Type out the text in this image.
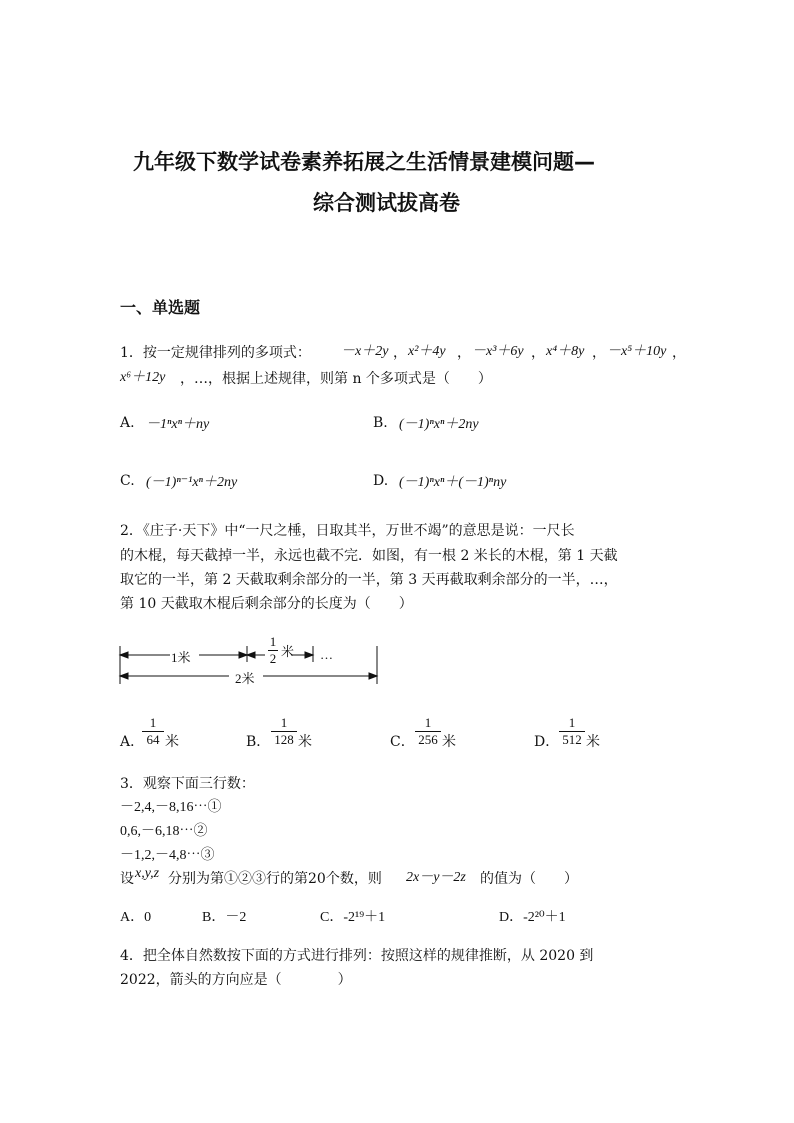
九年级下数学试卷素养拓展之生活情景建模问题—
综合测试拔高卷
一、单选题
1．按一定规律排列的多项式： －x＋2y ， x²＋4y ， －x³＋6y ， x⁴＋8y ， －x⁵＋10y ，
x⁶＋12y ，…，根据上述规律，则第 n 个多项式是（　　）
A. －1ⁿxⁿ＋ny	B. (－1)ⁿxⁿ＋2ny
C. (－1)ⁿ⁻¹xⁿ＋2ny	D. (－1)ⁿxⁿ＋(－1)ⁿny
2．《庄子·天下》中“一尺之棰，日取其半，万世不竭”的意思是说：一尺长
的木棍，每天截掉一半，永远也截不完．如图，有一根 2 米长的木棍，第 1 天截
取它的一半，第 2 天截取剩余部分的一半，第 3 天再截取剩余部分的一半，…，
第 10 天截取木棍后剩余部分的长度为（　　）
1米
1
2 米 …
2米
A．
1
64 米	B．
1
128 米	C．
1
256 米	D．
1
512 米
3．观察下面三行数：
－2,4,－8,16⋯①
0,6,－6,18⋯②
－1,2,－4,8⋯③
设 x,y,z 分别为第①②③行的第20个数，则 2x－y－2z 的值为（　　）
A．0	B．－2	C．-2¹⁹＋1	D．-2²⁰＋1
4．把全体自然数按下面的方式进行排列：按照这样的规律推断，从 2020 到
2022，箭头的方向应是（　　　　）
